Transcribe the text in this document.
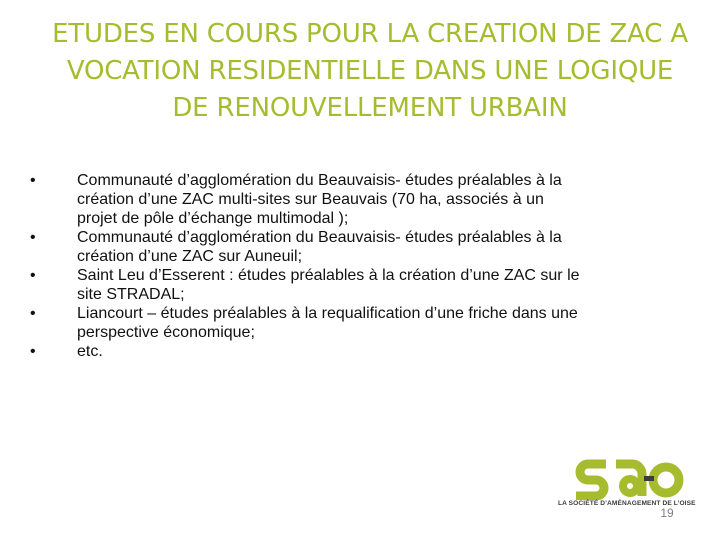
ETUDES EN COURS POUR LA CREATION DE ZAC A
VOCATION RESIDENTIELLE DANS UNE LOGIQUE
DE RENOUVELLEMENT URBAIN
•	Communauté d’agglomération du Beauvaisis- études préalables à la
création d’une ZAC multi-sites sur Beauvais (70 ha, associés à un
projet de pôle d’échange multimodal );
•	Communauté d’agglomération du Beauvaisis- études préalables à la
création d’une ZAC sur Auneuil;
•	Saint Leu d’Esserent : études préalables à la création d’une ZAC sur le
site STRADAL;
•	Liancourt – études préalables à la requalification d’une friche dans une
perspective économique;
•	etc.
LA SOCIÉTÉ D’AMÉNAGEMENT DE L’OISE
19
